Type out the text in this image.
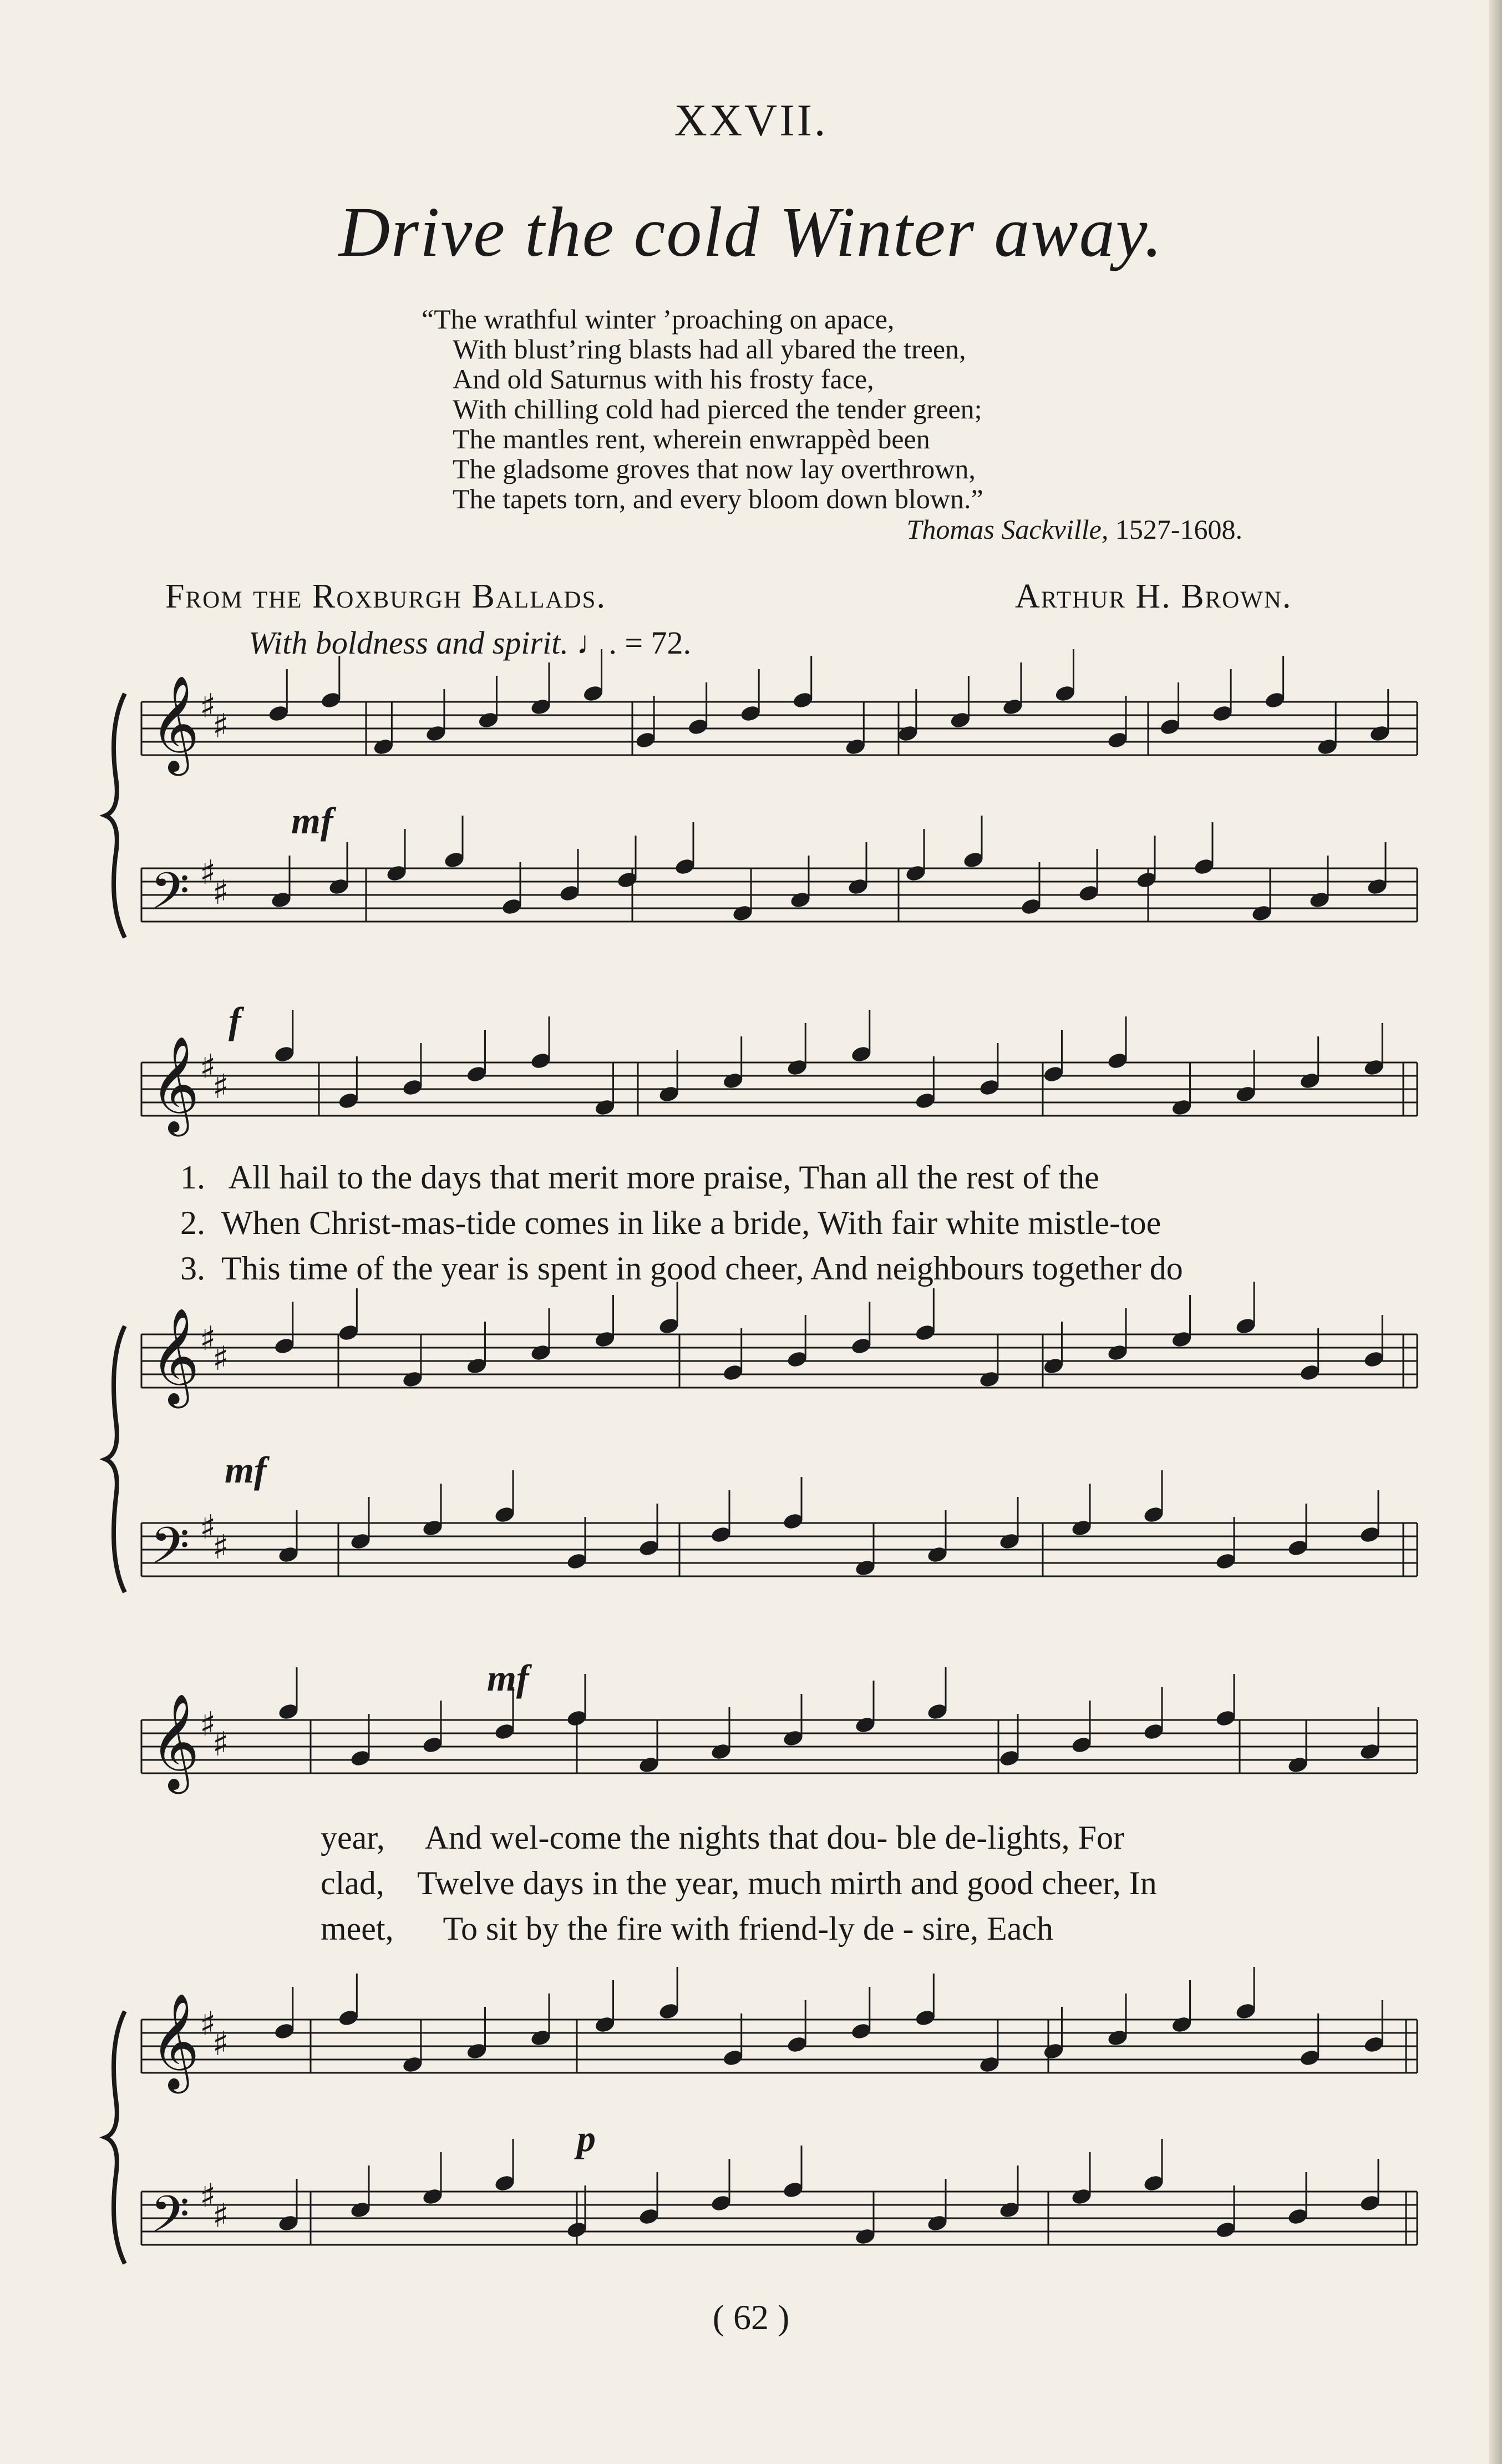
XXVII.
Drive the cold Winter away.
“The wrathful winter ’proaching on apace,
With blust’ring blasts had all ybared the treen,
And old Saturnus with his frosty face,
With chilling cold had pierced the tender green;
The mantles rent, wherein enwrappèd been
The gladsome groves that now lay overthrown,
The tapets torn, and every bloom down blown.”
Thomas Sackville, 1527-1608.
From the Roxburgh Ballads.	Arthur H. Brown.
With boldness and spirit. ♩. = 72.
𝄞 ♯
♯
𝄢 ♯
♯
𝄞 ♯
♯
𝄞 ♯
♯
𝄢 ♯
♯
𝄞 ♯
♯
𝄞 ♯
♯
𝄢 ♯
♯
mf
f
mf
mf
p
1. All hail to the days that merit more praise, Than all the rest of the
2. When Christ-mas-tide comes in like a bride, With fair white mistle-toe
3. This time of the year is spent in good cheer, And neighbours together do
year, And wel-come the nights that dou- ble de-lights, For
clad, Twelve days in the year, much mirth and good cheer, In
meet, To sit by the fire with friend-ly de - sire, Each
( 62 )
